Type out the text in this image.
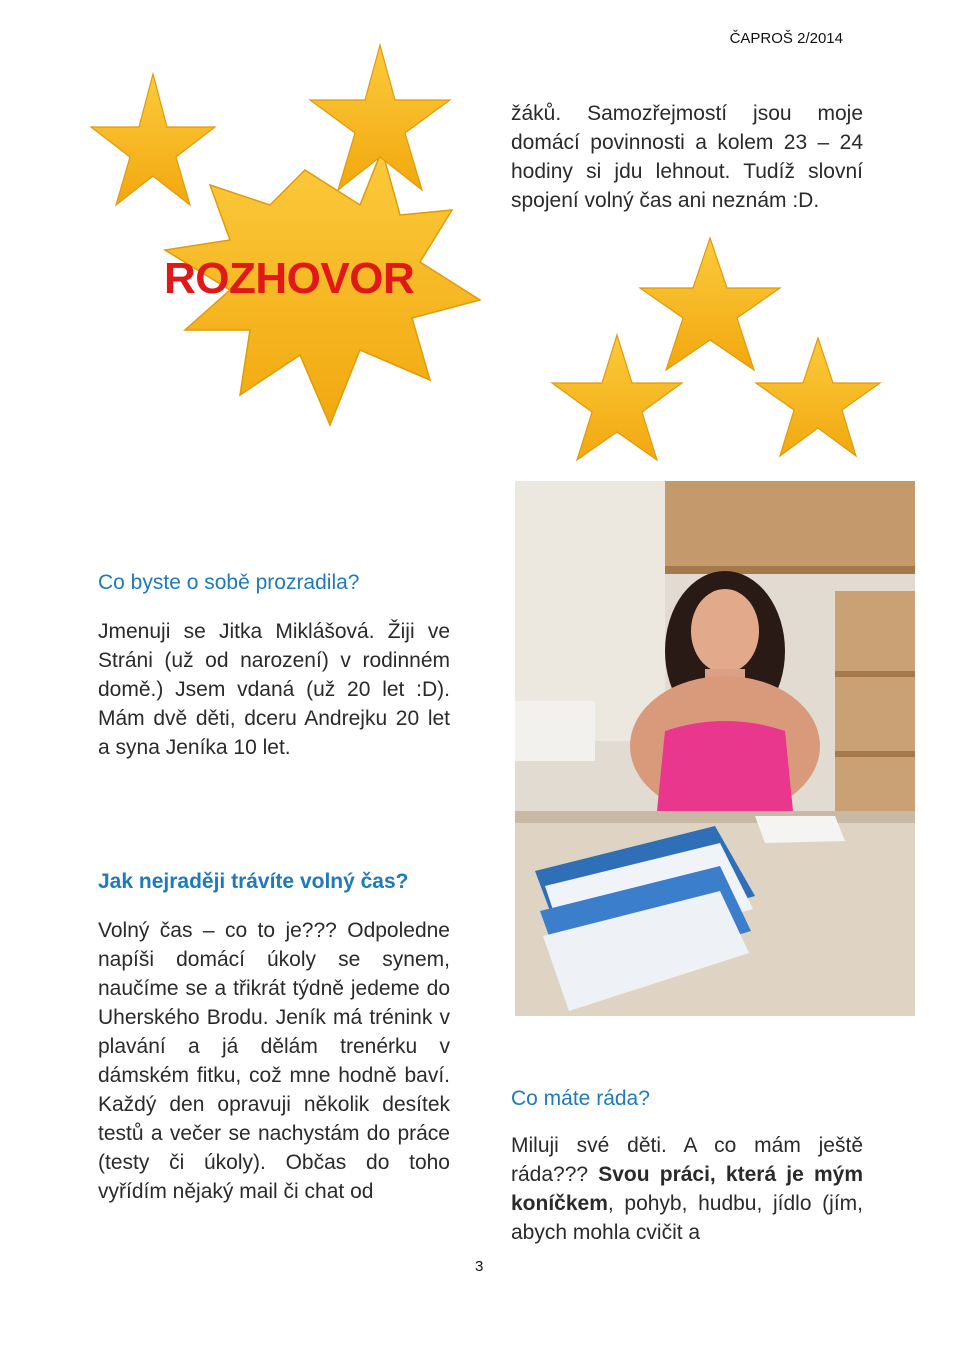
ČAPROŠ 2/2014
ROZHOVOR

žáků. Samozřejmostí jsou moje domácí povinnosti a kolem 23 – 24 hodiny si jdu lehnout. Tudíž slovní spojení volný čas ani neznám :D.

Co byste o sobě prozradila?

Jmenuji se Jitka Miklášová. Žiji ve Stráni (už od narození) v rodinném domě.) Jsem vdaná (už 20 let :D). Mám dvě děti, dceru Andrejku 20 let a syna Jeníka 10 let.

Jak nejraději trávíte volný čas?

Volný čas – co to je??? Odpoledne napíši domácí úkoly se synem, naučíme se a třikrát týdně jedeme do Uherského Brodu. Jeník má trénink v plavání a já dělám trenérku v dámském fitku, což mne hodně baví. Každý den opravuji několik desítek testů a večer se nachystám do práce (testy či úkoly). Občas do toho vyřídím nějaký mail či chat od

Co máte ráda?

Miluji své děti. A co mám ještě ráda??? Svou práci, která je mým koníčkem, pohyb, hudbu, jídlo (jím, abych mohla cvičit a

3
